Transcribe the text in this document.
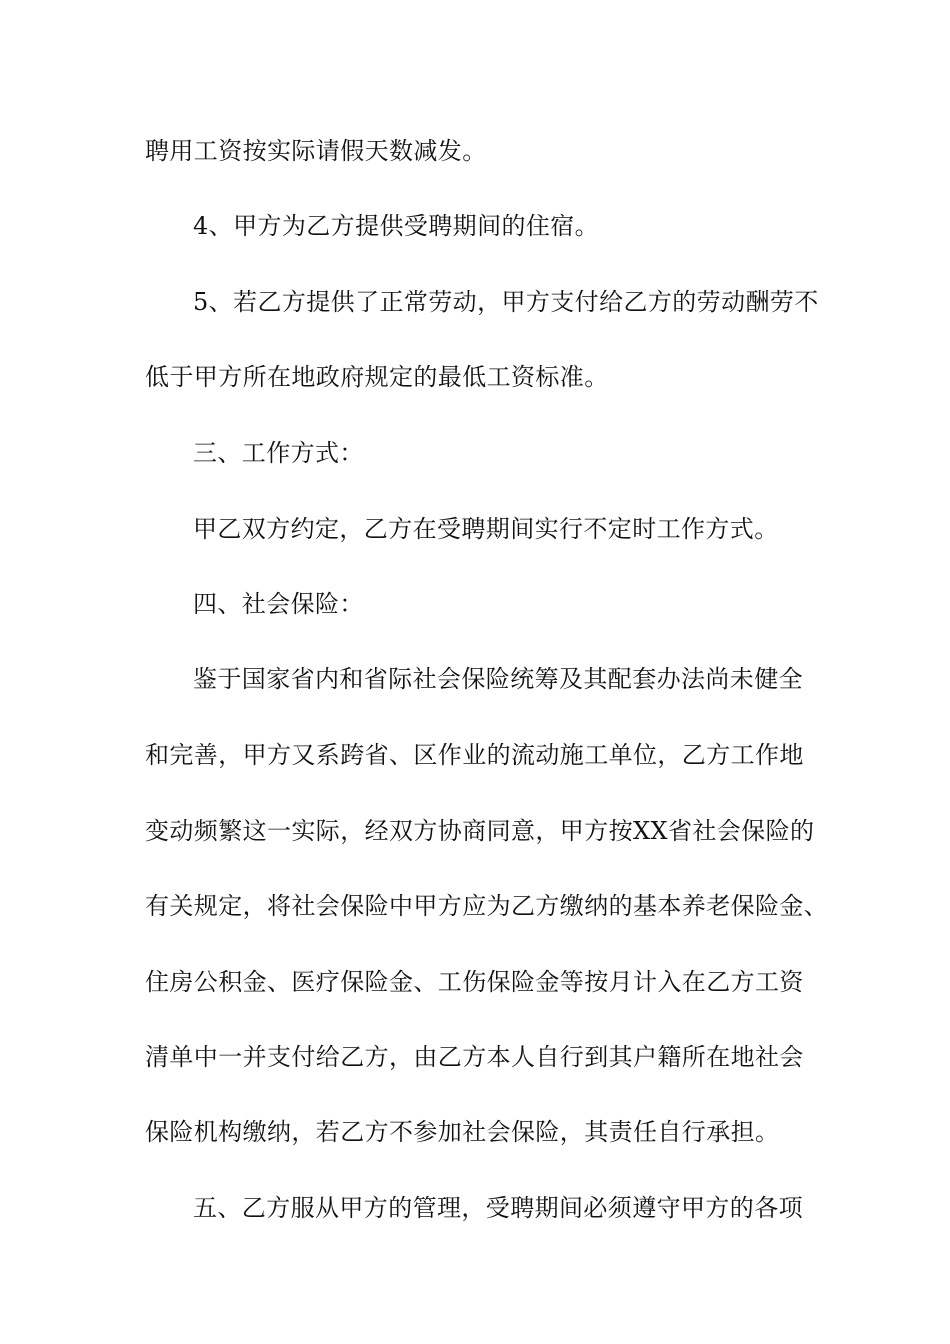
聘用工资按实际请假天数减发。
4、甲方为乙方提供受聘期间的住宿。
5、若乙方提供了正常劳动，甲方支付给乙方的劳动酬劳不
低于甲方所在地政府规定的最低工资标准。
三、工作方式：
甲乙双方约定，乙方在受聘期间实行不定时工作方式。
四、社会保险：
鉴于国家省内和省际社会保险统筹及其配套办法尚未健全
和完善，甲方又系跨省、区作业的流动施工单位，乙方工作地
变动频繁这一实际，经双方协商同意，甲方按XX省社会保险的
有关规定，将社会保险中甲方应为乙方缴纳的基本养老保险金、
住房公积金、医疗保险金、工伤保险金等按月计入在乙方工资
清单中一并支付给乙方，由乙方本人自行到其户籍所在地社会
保险机构缴纳，若乙方不参加社会保险，其责任自行承担。
五、乙方服从甲方的管理，受聘期间必须遵守甲方的各项
